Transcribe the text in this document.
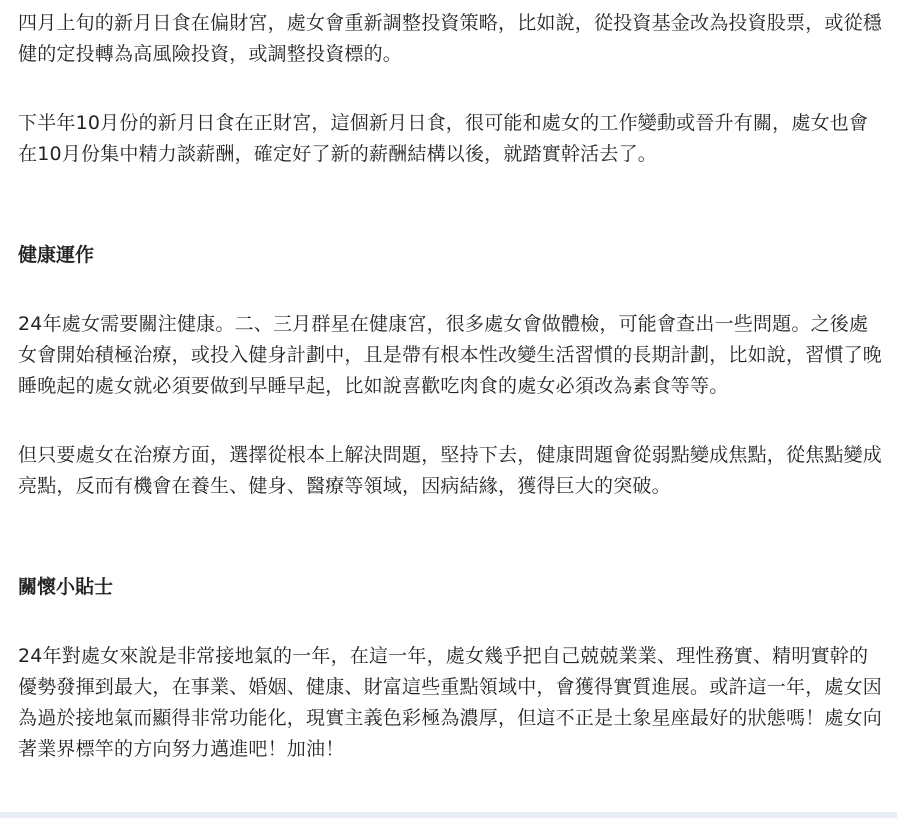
四月上旬的新月日食在偏財宮，處女會重新調整投資策略，比如說，從投資基金改為投資股票，或從穩健的定投轉為高風險投資，或調整投資標的。

下半年10月份的新月日食在正財宮，這個新月日食，很可能和處女的工作變動或晉升有關，處女也會在10月份集中精力談薪酬，確定好了新的薪酬結構以後，就踏實幹活去了。

健康運作

24年處女需要關注健康。二、三月群星在健康宮，很多處女會做體檢，可能會查出一些問題。之後處女會開始積極治療，或投入健身計劃中，且是帶有根本性改變生活習慣的長期計劃，比如說，習慣了晚睡晚起的處女就必須要做到早睡早起，比如說喜歡吃肉食的處女必須改為素食等等。

但只要處女在治療方面，選擇從根本上解決問題，堅持下去，健康問題會從弱點變成焦點，從焦點變成亮點，反而有機會在養生、健身、醫療等領域，因病結緣，獲得巨大的突破。

關懷小貼士

24年對處女來說是非常接地氣的一年，在這一年，處女幾乎把自己兢兢業業、理性務實、精明實幹的優勢發揮到最大，在事業、婚姻、健康、財富這些重點領域中，會獲得實質進展。或許這一年，處女因為過於接地氣而顯得非常功能化，現實主義色彩極為濃厚，但這不正是土象星座最好的狀態嗎！處女向著業界標竿的方向努力邁進吧！加油！
